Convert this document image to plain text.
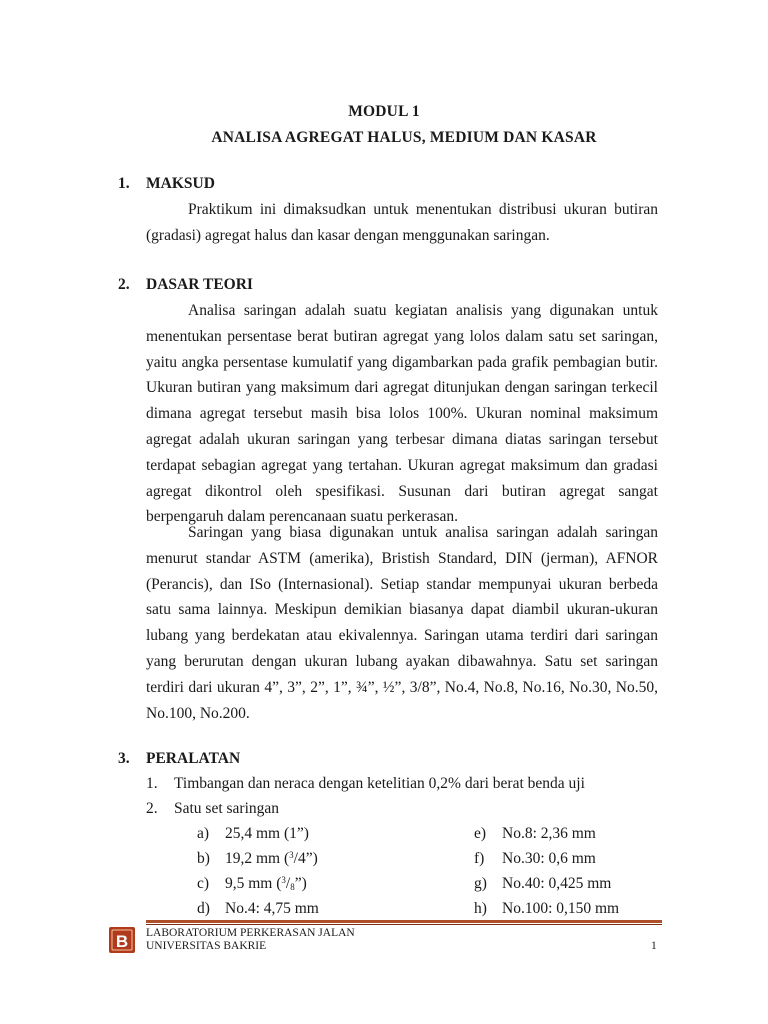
MODUL 1
ANALISA AGREGAT HALUS, MEDIUM DAN KASAR
1. MAKSUD

Praktikum ini dimaksudkan untuk menentukan distribusi ukuran butiran (gradasi) agregat halus dan kasar dengan menggunakan saringan.

2. DASAR TEORI

Analisa saringan adalah suatu kegiatan analisis yang digunakan untuk menentukan persentase berat butiran agregat yang lolos dalam satu set saringan, yaitu angka persentase kumulatif yang digambarkan pada grafik pembagian butir. Ukuran butiran yang maksimum dari agregat ditunjukan dengan saringan terkecil dimana agregat tersebut masih bisa lolos 100%. Ukuran nominal maksimum agregat adalah ukuran saringan yang terbesar dimana diatas saringan tersebut terdapat sebagian agregat yang tertahan. Ukuran agregat maksimum dan gradasi agregat dikontrol oleh spesifikasi. Susunan dari butiran agregat sangat berpengaruh dalam perencanaan suatu perkerasan.

Saringan yang biasa digunakan untuk analisa saringan adalah saringan menurut standar ASTM (amerika), Bristish Standard, DIN (jerman), AFNOR (Perancis), dan ISo (Internasional). Setiap standar mempunyai ukuran berbeda satu sama lainnya. Meskipun demikian biasanya dapat diambil ukuran-ukuran lubang yang berdekatan atau ekivalennya. Saringan utama terdiri dari saringan yang berurutan dengan ukuran lubang ayakan dibawahnya. Satu set saringan terdiri dari ukuran 4”, 3”, 2”, 1”, ¾”, ½”, 3/8”, No.4, No.8, No.16, No.30, No.50, No.100, No.200.

3. PERALATAN
1. Timbangan dan neraca dengan ketelitian 0,2% dari berat benda uji
2. Satu set saringan
a) 25,4 mm (1”)
b) 19,2 mm ($^3$/4”)
c) 9,5 mm $(^3/_8”)$
d) No.4: 4,75 mm
e) No.8: 2,36 mm
f) No.30: 0,6 mm
g) No.40: 0,425 mm
h) No.100: 0,150 mm
B LABORATORIUM PERKERASAN JALAN
UNIVERSITAS BAKRIE	1
